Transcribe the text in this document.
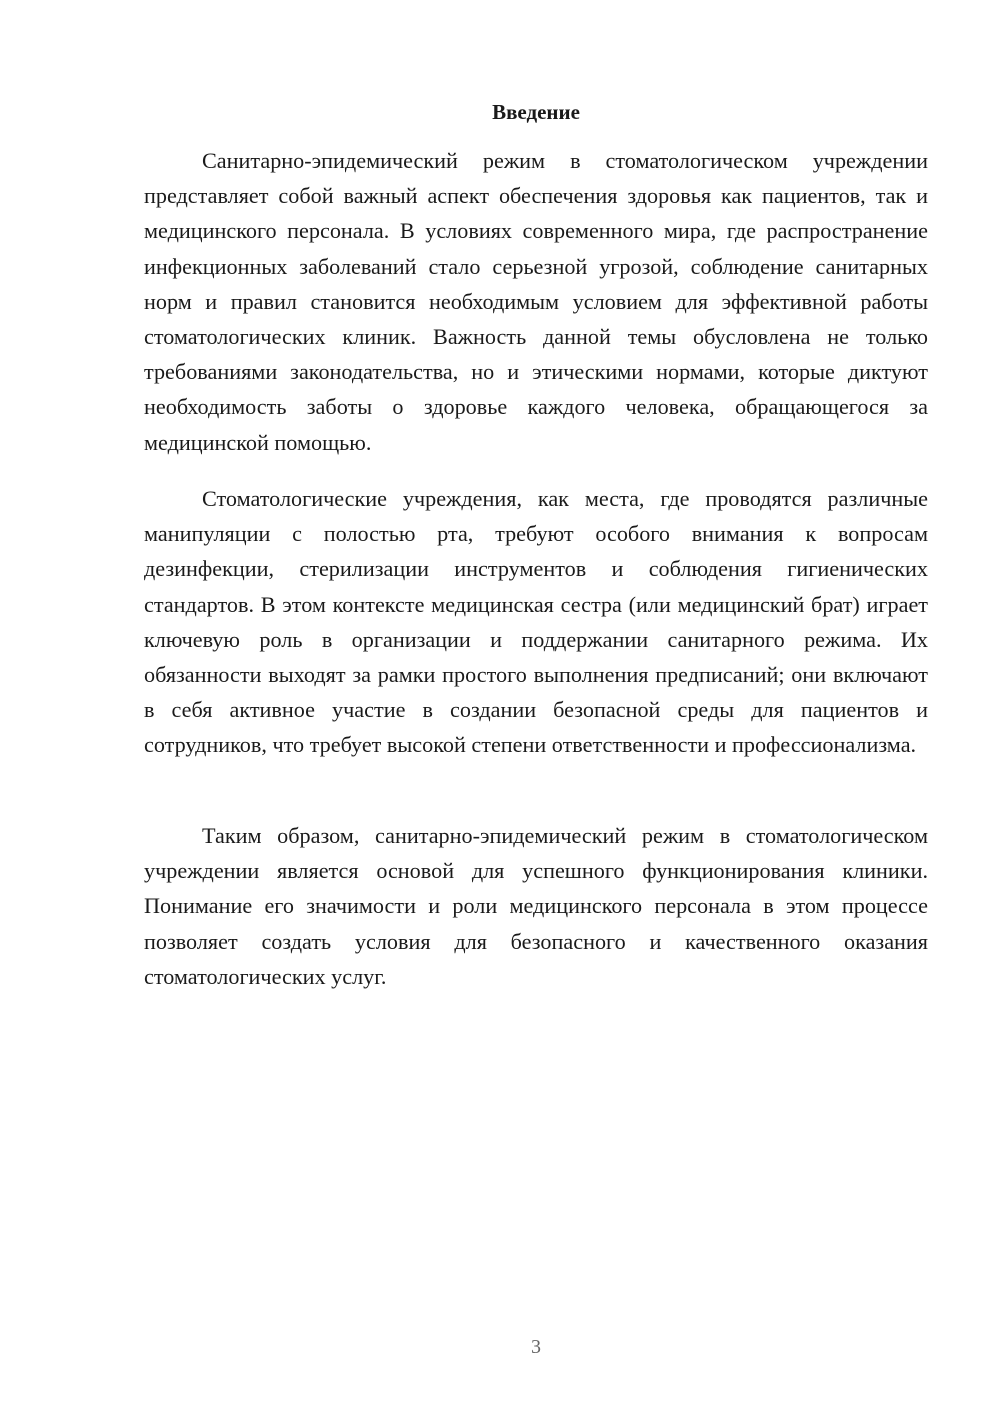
Введение

Санитарно-эпидемический режим в стоматологическом учреждении представляет собой важный аспект обеспечения здоровья как пациентов, так и медицинского персонала. В условиях современного мира, где распространение инфекционных заболеваний стало серьезной угрозой, соблюдение санитарных норм и правил становится необходимым условием для эффективной работы стоматологических клиник. Важность данной темы обусловлена не только требованиями законодательства, но и этическими нормами, которые диктуют необходимость заботы о здоровье каждого человека, обращающегося за медицинской помощью.

Стоматологические учреждения, как места, где проводятся различные манипуляции с полостью рта, требуют особого внимания к вопросам дезинфекции, стерилизации инструментов и соблюдения гигиенических стандартов. В этом контексте медицинская сестра (или медицинский брат) играет ключевую роль в организации и поддержании санитарного режима. Их обязанности выходят за рамки простого выполнения предписаний; они включают в себя активное участие в создании безопасной среды для пациентов и сотрудников, что требует высокой степени ответственности и профессионализма.

Таким образом, санитарно-эпидемический режим в стоматологическом учреждении является основой для успешного функционирования клиники. Понимание его значимости и роли медицинского персонала в этом процессе позволяет создать условия для безопасного и качественного оказания стоматологических услуг.

3
